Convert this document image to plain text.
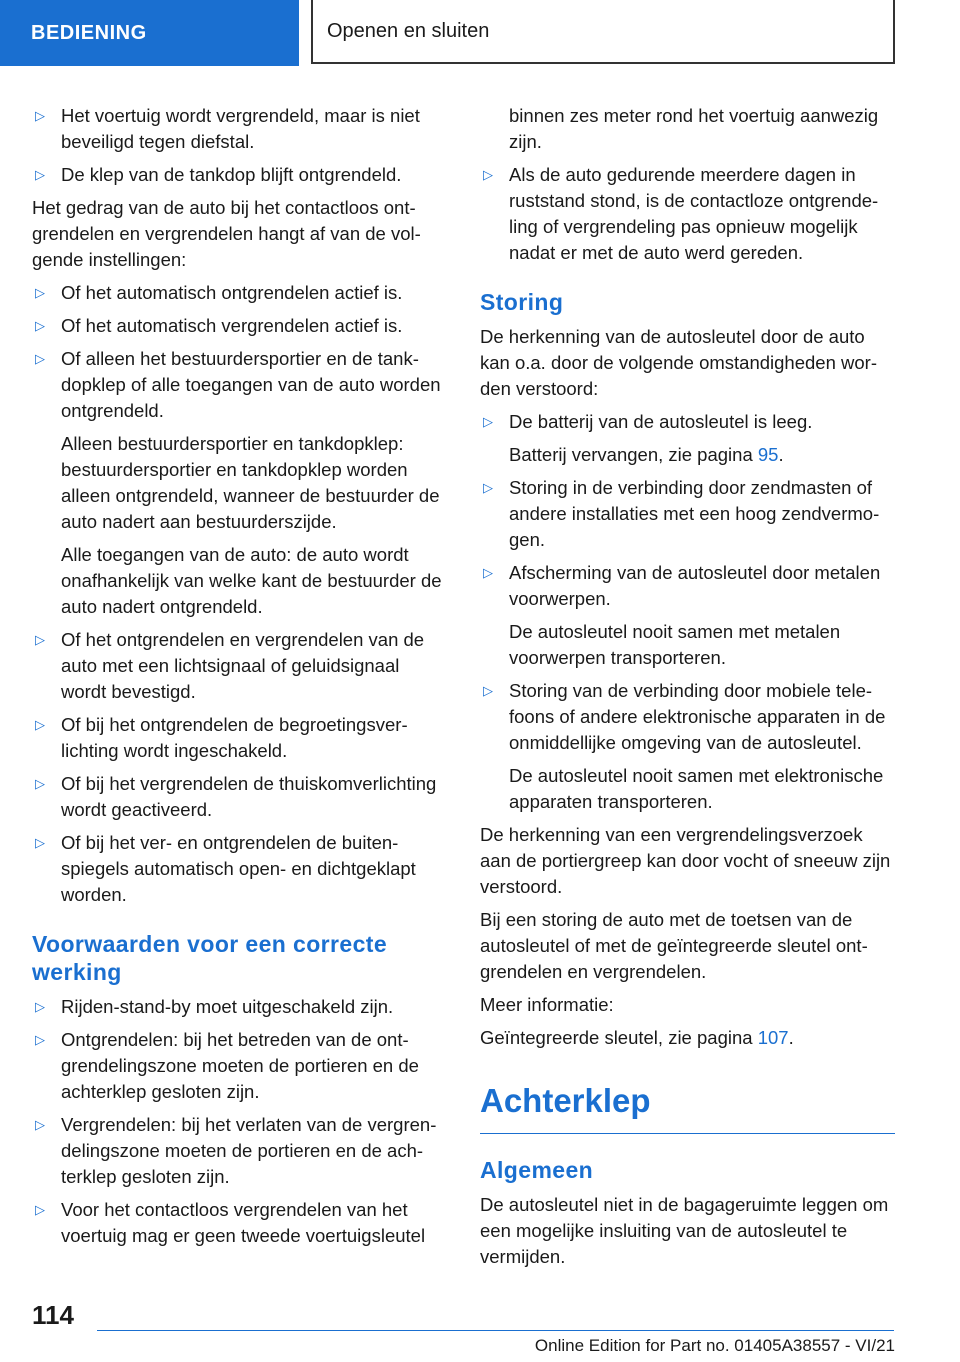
BEDIENING	Openen en sluiten
▷ Het voertuig wordt vergrendeld, maar is niet beveiligd tegen diefstal.
▷ De klep van de tankdop blijft ontgrendeld.

Het gedrag van de auto bij het contactloos ontgrendelen en vergrendelen hangt af van de volgende instellingen:

▷ Of het automatisch ontgrendelen actief is.
▷ Of het automatisch vergrendelen actief is.
▷ Of alleen het bestuurdersportier en de tankdopklep of alle toegangen van de auto worden ontgrendeld.
Alleen bestuurdersportier en tankdopklep: bestuurdersportier en tankdopklep worden alleen ontgrendeld, wanneer de bestuurder de auto nadert aan bestuurderszijde.
Alle toegangen van de auto: de auto wordt onafhankelijk van welke kant de bestuurder de auto nadert ontgrendeld.
▷ Of het ontgrendelen en vergrendelen van de auto met een lichtsignaal of geluidsignaal wordt bevestigd.
▷ Of bij het ontgrendelen de begroetingsverlichting wordt ingeschakeld.
▷ Of bij het vergrendelen de thuiskomverlichting wordt geactiveerd.
▷ Of bij het ver- en ontgrendelen de buitenspiegels automatisch open- en dichtgeklapt worden.
Voorwaarden voor een correcte werking
▷ Rijden-stand-by moet uitgeschakeld zijn.
▷ Ontgrendelen: bij het betreden van de ontgrendelingszone moeten de portieren en de achterklep gesloten zijn.
▷ Vergrendelen: bij het verlaten van de vergrendelingszone moeten de portieren en de achterklep gesloten zijn.
▷ Voor het contactloos vergrendelen van het voertuig mag er geen tweede voertuigsleutel
binnen zes meter rond het voertuig aanwezig zijn.
▷ Als de auto gedurende meerdere dagen in ruststand stond, is de contactloze ontgrendeling of vergrendeling pas opnieuw mogelijk nadat er met de auto werd gereden.
Storing

De herkenning van de autosleutel door de auto kan o.a. door de volgende omstandigheden worden verstoord:

▷ De batterij van de autosleutel is leeg.
Batterij vervangen, zie pagina 95.
▷ Storing in de verbinding door zendmasten of andere installaties met een hoog zendvermogen.
▷ Afscherming van de autosleutel door metalen voorwerpen.
De autosleutel nooit samen met metalen voorwerpen transporteren.
▷ Storing van de verbinding door mobiele telefoons of andere elektronische apparaten in de onmiddellijke omgeving van de autosleutel.
De autosleutel nooit samen met elektronische apparaten transporteren.

De herkenning van een vergrendelingsverzoek aan de portiergreep kan door vocht of sneeuw zijn verstoord.

Bij een storing de auto met de toetsen van de autosleutel of met de geïntegreerde sleutel ontgrendelen en vergrendelen.

Meer informatie:

Geïntegreerde sleutel, zie pagina 107.

Achterklep
Algemeen

De autosleutel niet in de bagageruimte leggen om een mogelijke insluiting van de autosleutel te vermijden.

114
Online Edition for Part no. 01405A38557 - VI/21
